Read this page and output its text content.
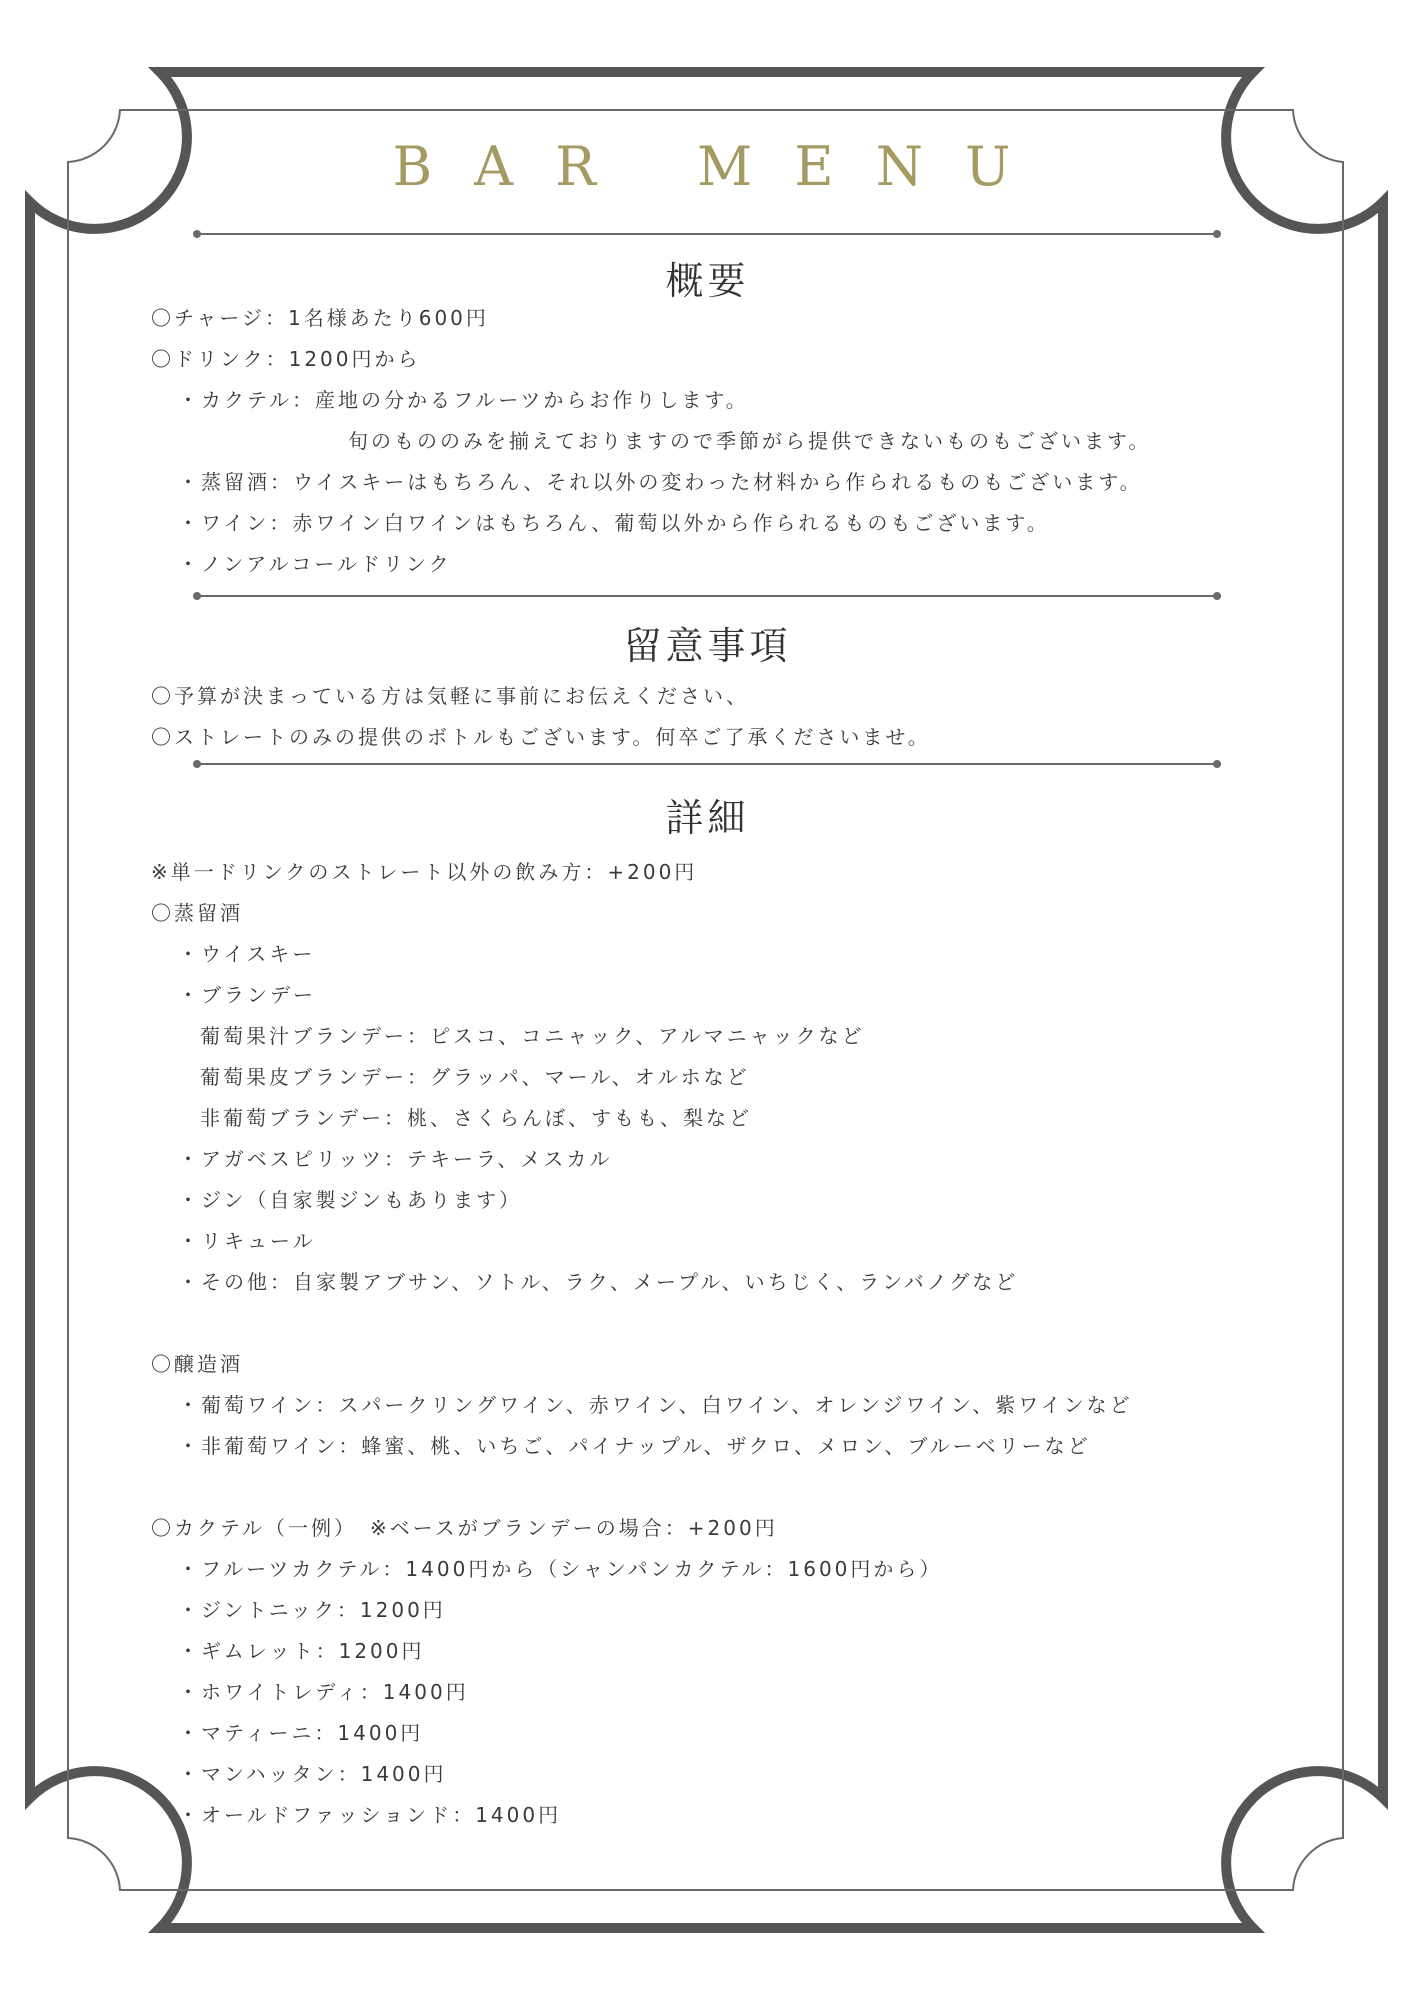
BAR MENU
概要
〇チャージ：1名様あたり600円
〇ドリンク：1200円から
・カクテル：産地の分かるフルーツからお作りします。
旬のもののみを揃えておりますので季節がら提供できないものもございます。
・蒸留酒：ウイスキーはもちろん、それ以外の変わった材料から作られるものもございます。
・ワイン：赤ワイン白ワインはもちろん、葡萄以外から作られるものもございます。
・ノンアルコールドリンク
留意事項
〇予算が決まっている方は気軽に事前にお伝えください、
〇ストレートのみの提供のボトルもございます。何卒ご了承くださいませ。
詳細
※単一ドリンクのストレート以外の飲み方：+200円
〇蒸留酒
・ウイスキー
・ブランデー
葡萄果汁ブランデー：ピスコ、コニャック、アルマニャックなど
葡萄果皮ブランデー：グラッパ、マール、オルホなど
非葡萄ブランデー：桃、さくらんぼ、すもも、梨など
・アガベスピリッツ：テキーラ、メスカル
・ジン（自家製ジンもあります）
・リキュール
・その他：自家製アブサン、ソトル、ラク、メープル、いちじく、ランバノグなど
〇醸造酒
・葡萄ワイン：スパークリングワイン、赤ワイン、白ワイン、オレンジワイン、紫ワインなど
・非葡萄ワイン：蜂蜜、桃、いちご、パイナップル、ザクロ、メロン、ブルーベリーなど
〇カクテル（一例）　※ベースがブランデーの場合：+200円
・フルーツカクテル：1400円から（シャンパンカクテル：1600円から）
・ジントニック：1200円
・ギムレット：1200円
・ホワイトレディ：1400円
・マティーニ：1400円
・マンハッタン：1400円
・オールドファッションド：1400円
